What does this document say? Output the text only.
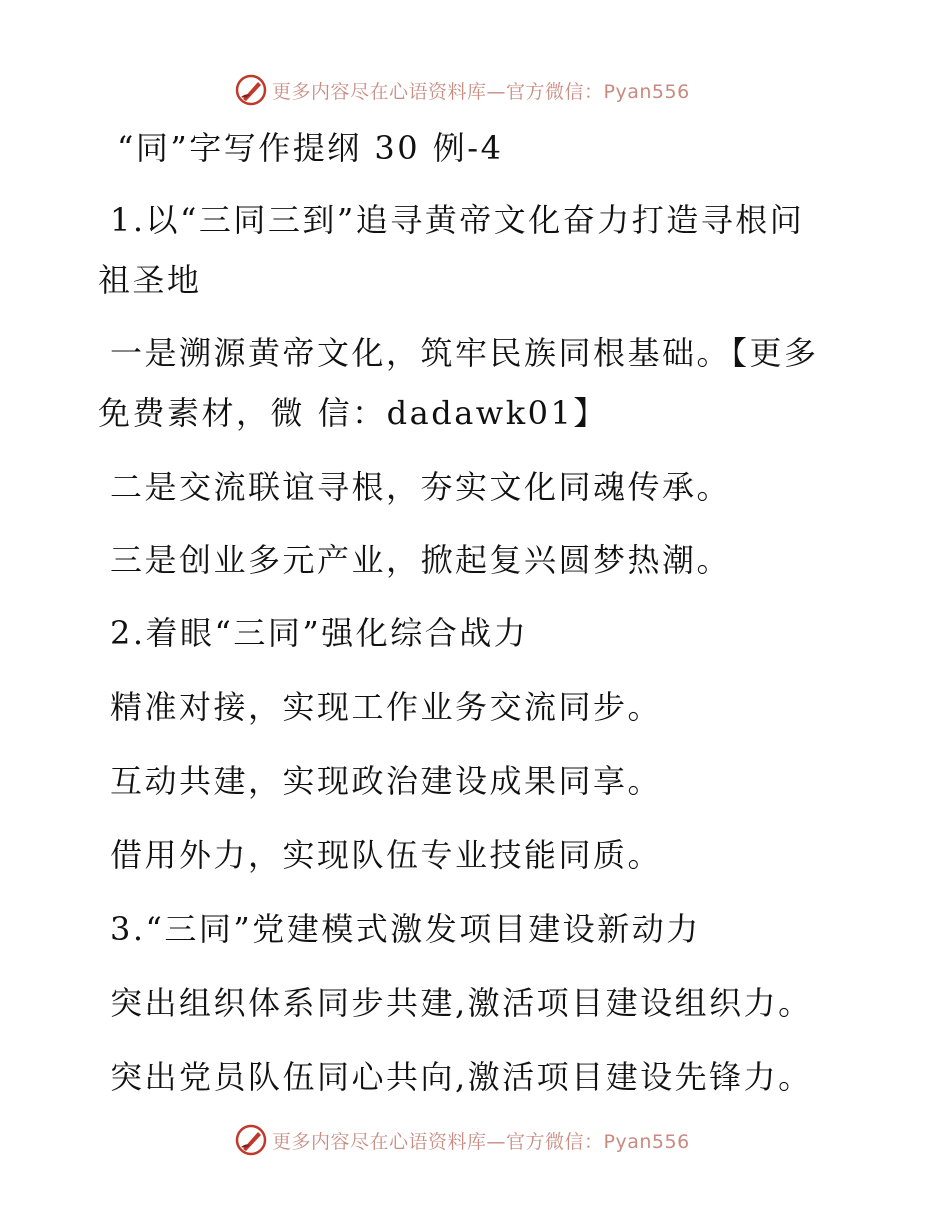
更多内容尽在心语资料库—官方微信：Pyan556
“同”字写作提纲 30 例-4
1.以“三同三到”追寻黄帝文化奋力打造寻根问
祖圣地
一是溯源黄帝文化，筑牢民族同根基础。【更多
免费素材，微 信：dadawk01】
二是交流联谊寻根，夯实文化同魂传承。
三是创业多元产业，掀起复兴圆梦热潮。
2.着眼“三同”强化综合战力
精准对接，实现工作业务交流同步。
互动共建，实现政治建设成果同享。
借用外力，实现队伍专业技能同质。
3.“三同”党建模式激发项目建设新动力
突出组织体系同步共建,激活项目建设组织力。
突出党员队伍同心共向,激活项目建设先锋力。
更多内容尽在心语资料库—官方微信：Pyan556
